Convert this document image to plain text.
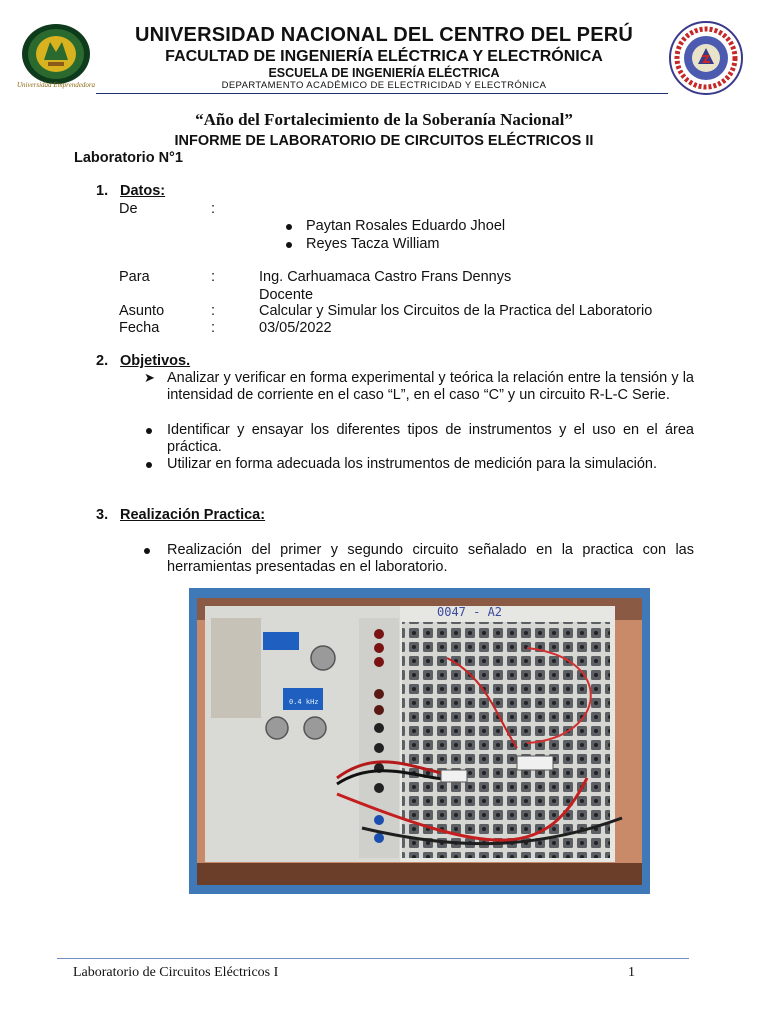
Universidad Emprendedora
UNIVERSIDAD NACIONAL DEL CENTRO DEL PERÚ
FACULTAD DE INGENIERÍA ELÉCTRICA Y ELECTRÓNICA
ESCUELA DE INGENIERÍA ELÉCTRICA
DEPARTAMENTO ACADÉMICO DE ELECTRICIDAD Y ELECTRÓNICA
“Año del Fortalecimiento de la Soberanía Nacional”
INFORME DE LABORATORIO DE CIRCUITOS ELÉCTRICOS II
Laboratorio N°1
1. Datos:
De	:
Paytan Rosales Eduardo Jhoel
Reyes Tacza William
Para	:	Ing. Carhuamaca Castro Frans Dennys
Docente
Asunto	:	Calcular y Simular los Circuitos de la Practica del Laboratorio
Fecha	:	03/05/2022
2. Objetivos.
➤ Analizar y verificar en forma experimental y teórica la relación entre la tensión y la intensidad de corriente en el caso “L”, en el caso “C” y un circuito R-L-C Serie.
Identificar y ensayar los diferentes tipos de instrumentos y el uso en el área práctica.
Utilizar en forma adecuada los instrumentos de medición para la simulación.
3. Realización Practica:
Realización del primer y segundo circuito señalado en la practica con las herramientas presentadas en el laboratorio.
0047 - A2
0.4 kHz
Laboratorio de Circuitos Eléctricos I	1
